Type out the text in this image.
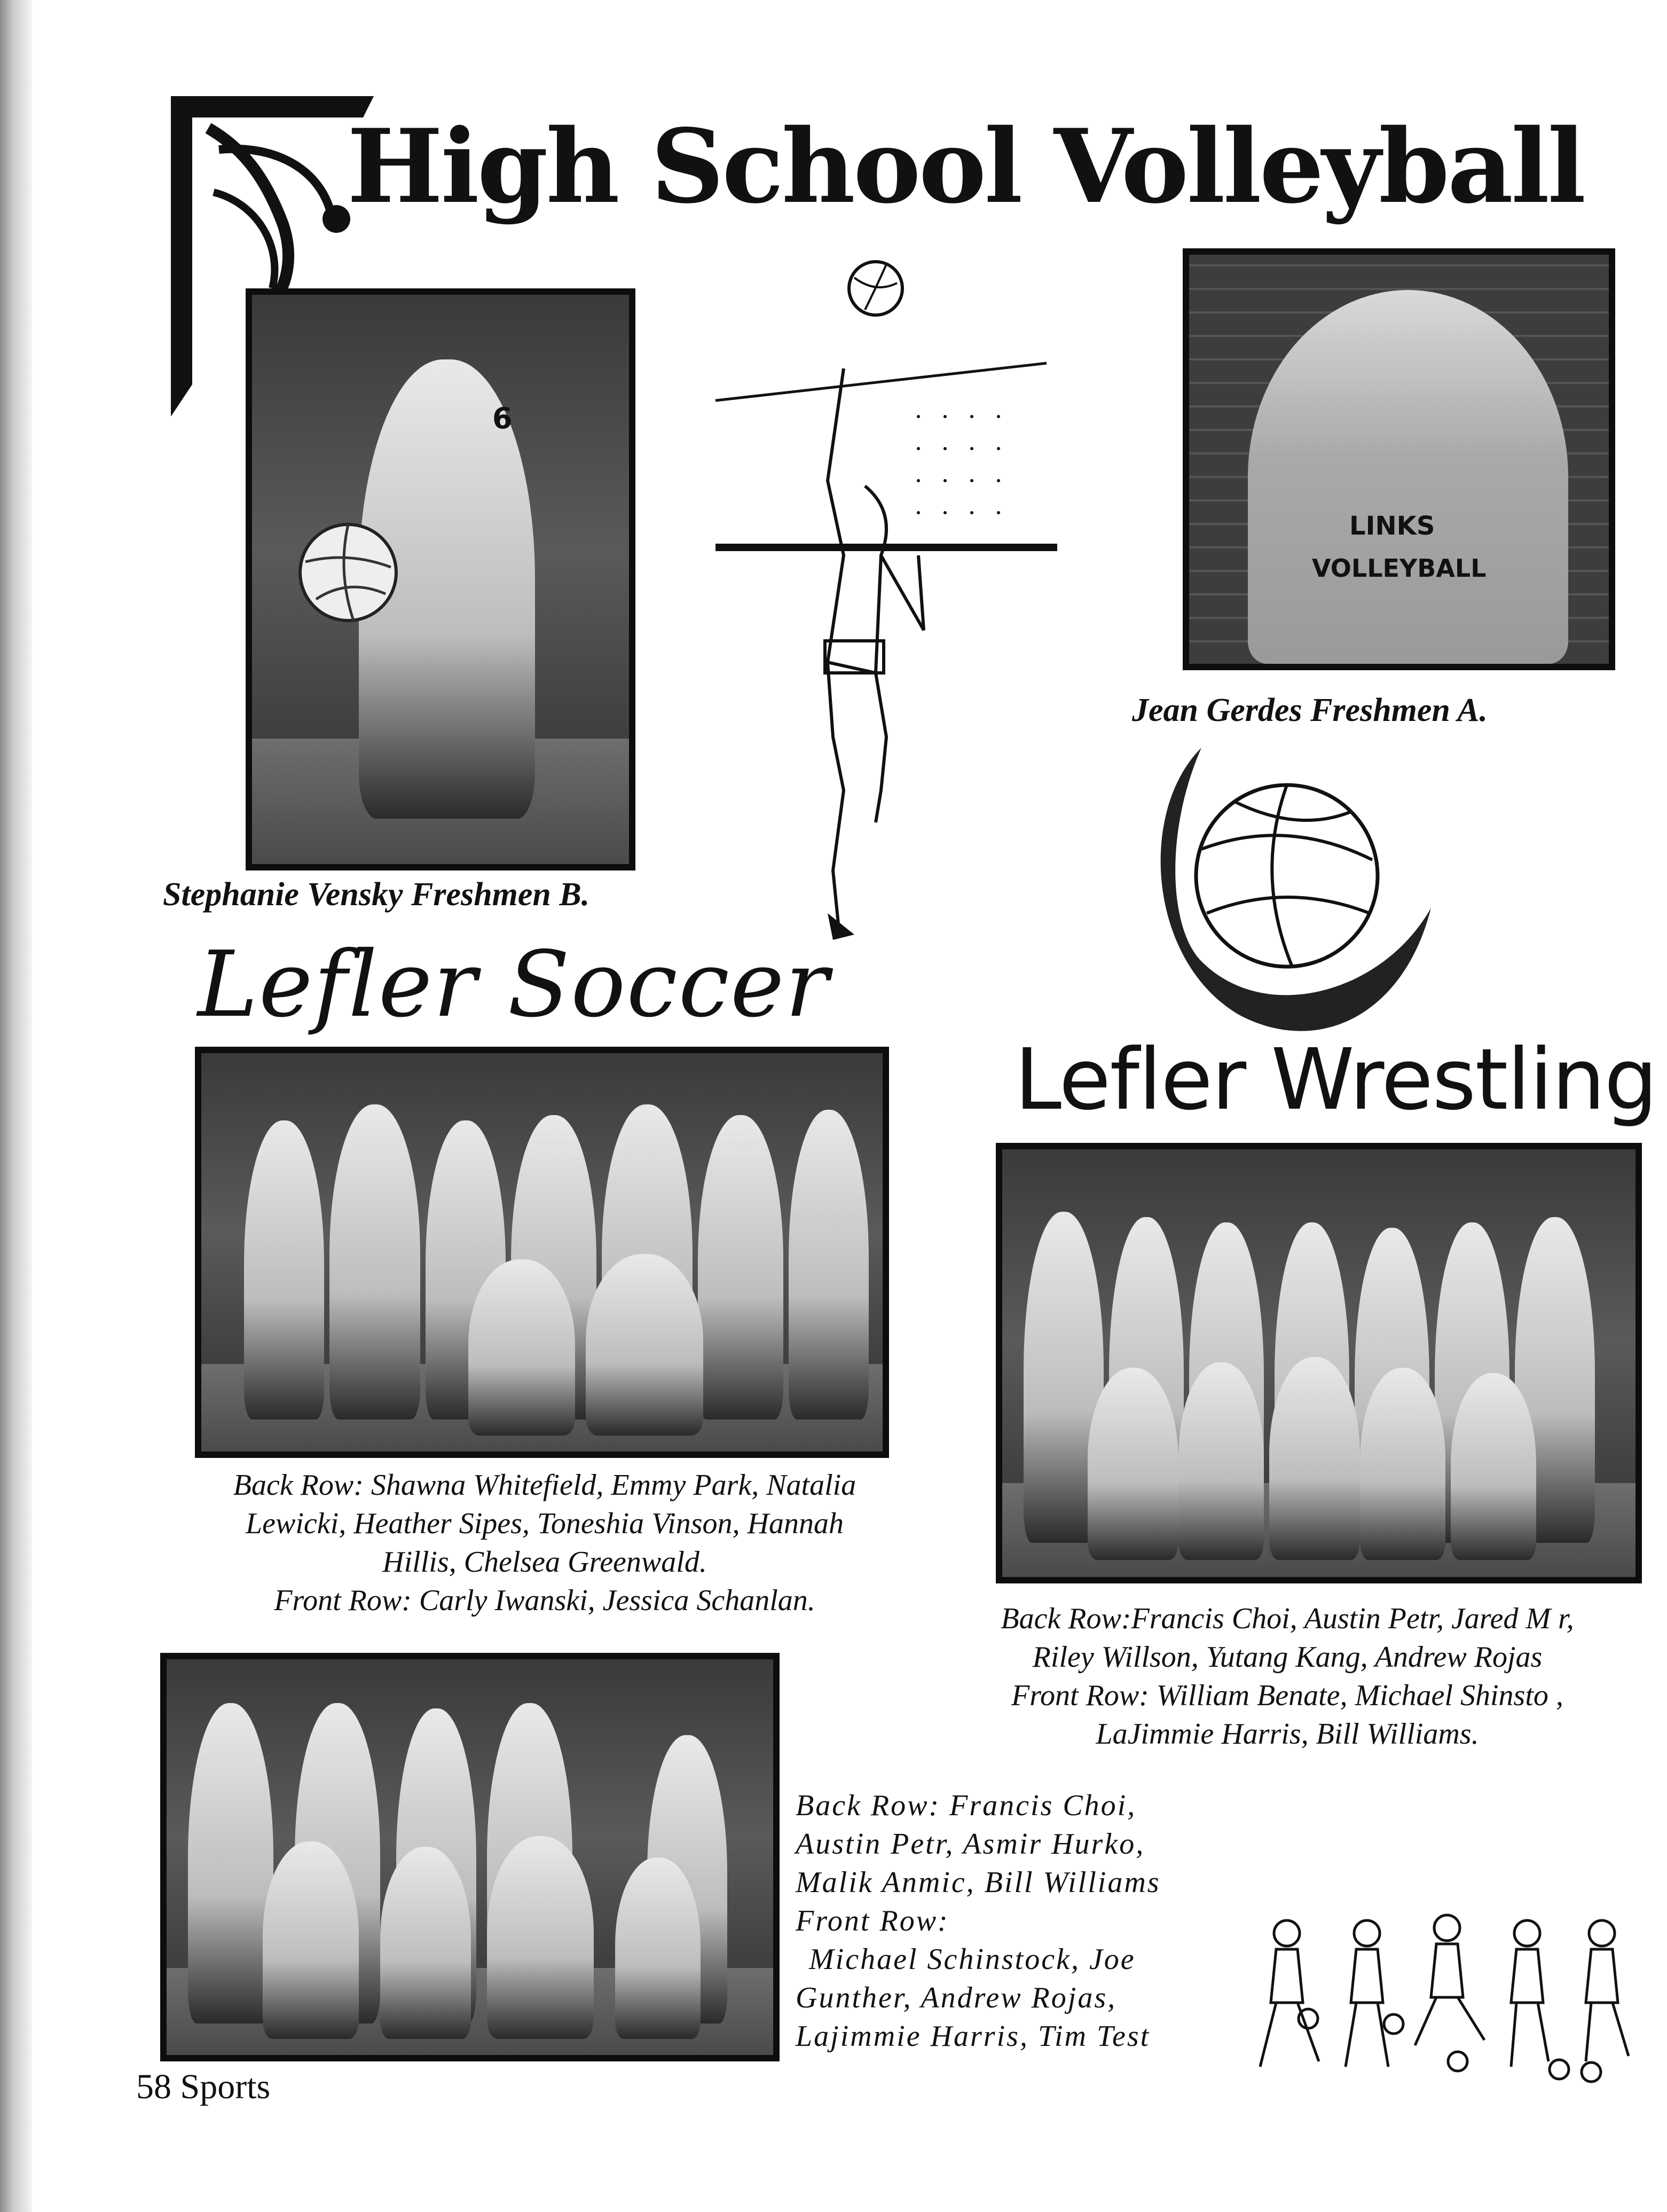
High School Volleyball
6
Stephanie Vensky Freshmen B.
LINKS
VOLLEYBALL
Jean Gerdes Freshmen A.
Lefler Soccer
Back Row: Shawna Whitefield, Emmy Park, Natalia
Lewicki, Heather Sipes, Toneshia Vinson, Hannah
Hillis, Chelsea Greenwald.
Front Row: Carly Iwanski, Jessica Schanlan.
Lefler Wrestling
Back Row:Francis Choi, Austin Petr, Jared M r,
Riley Willson, Yutang Kang, Andrew Rojas
Front Row: William Benate, Michael Shinsto ,
LaJimmie Harris, Bill Williams.
Back Row: Francis Choi,
Austin Petr, Asmir Hurko,
Malik Anmic, Bill Williams
Front Row:
Michael Schinstock, Joe
Gunther, Andrew Rojas,
Lajimmie Harris, Tim Test
58 Sports
